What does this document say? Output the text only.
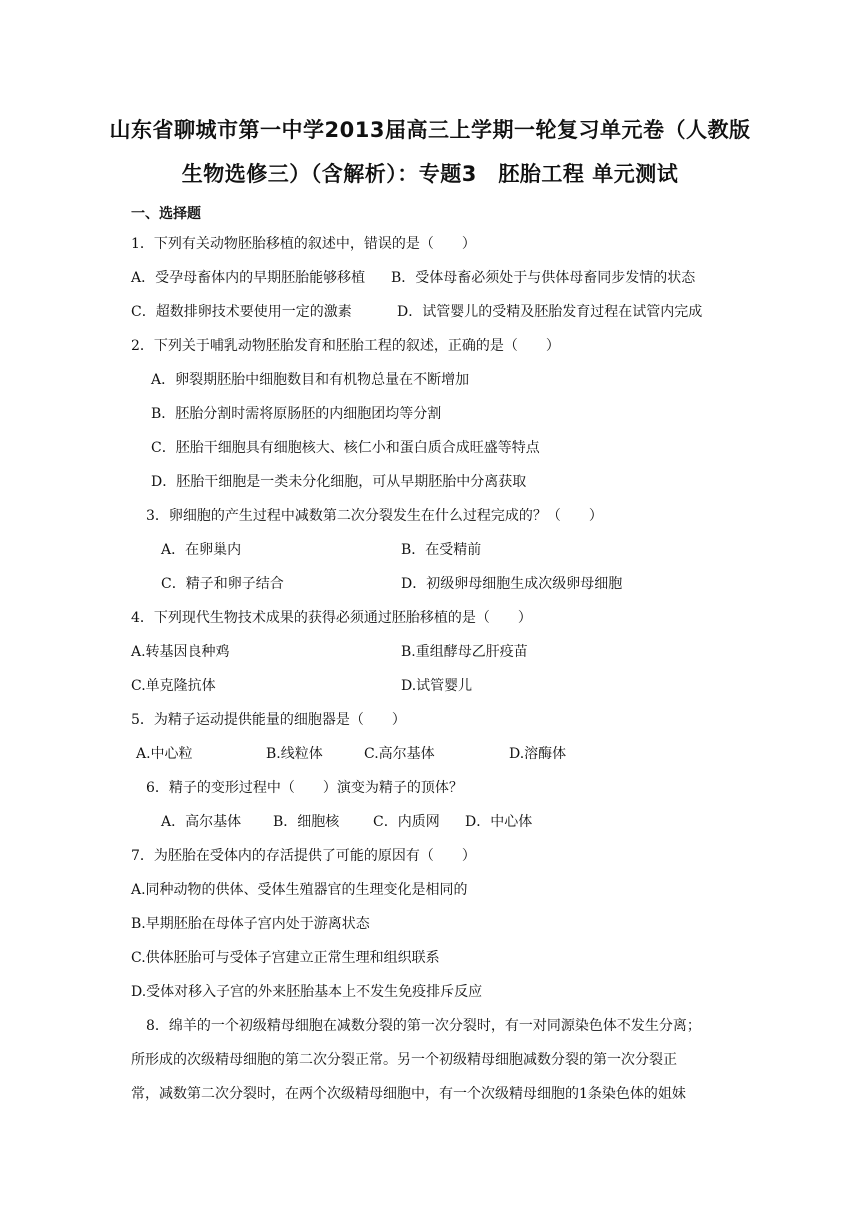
山东省聊城市第一中学2013届高三上学期一轮复习单元卷（人教版
生物选修三）（含解析）：专题3　胚胎工程 单元测试
一、选择题
1．下列有关动物胚胎移植的叙述中，错误的是（　　）
A．受孕母畜体内的早期胚胎能够移植 B．受体母畜必须处于与供体母畜同步发情的状态
C．超数排卵技术要使用一定的激素	D．试管婴儿的受精及胚胎发育过程在试管内完成
2．下列关于哺乳动物胚胎发育和胚胎工程的叙述，正确的是（　　）
A．卵裂期胚胎中细胞数目和有机物总量在不断增加
B．胚胎分割时需将原肠胚的内细胞团均等分割
C．胚胎干细胞具有细胞核大、核仁小和蛋白质合成旺盛等特点
D．胚胎干细胞是一类未分化细胞，可从早期胚胎中分离获取
3．卵细胞的产生过程中减数第二次分裂发生在什么过程完成的？（　　）
A．在卵巢内	B．在受精前
C．精子和卵子结合	D．初级卵母细胞生成次级卵母细胞
4．下列现代生物技术成果的获得必须通过胚胎移植的是（　　）
A.转基因良种鸡	B.重组酵母乙肝疫苗
C.单克隆抗体	D.试管婴儿
5．为精子运动提供能量的细胞器是（　　）
A.中心粒	B.线粒体	C.高尔基体	D.溶酶体
6．精子的变形过程中（　　）演变为精子的顶体？
A．高尔基体 B．细胞核 C．内质网 D．中心体
7．为胚胎在受体内的存活提供了可能的原因有（　　）
A.同种动物的供体、受体生殖器官的生理变化是相同的
B.早期胚胎在母体子宫内处于游离状态
C.供体胚胎可与受体子宫建立正常生理和组织联系
D.受体对移入子宫的外来胚胎基本上不发生免疫排斥反应
8．绵羊的一个初级精母细胞在减数分裂的第一次分裂时，有一对同源染色体不发生分离；
所形成的次级精母细胞的第二次分裂正常。另一个初级精母细胞减数分裂的第一次分裂正
常，减数第二次分裂时，在两个次级精母细胞中，有一个次级精母细胞的1条染色体的姐妹
